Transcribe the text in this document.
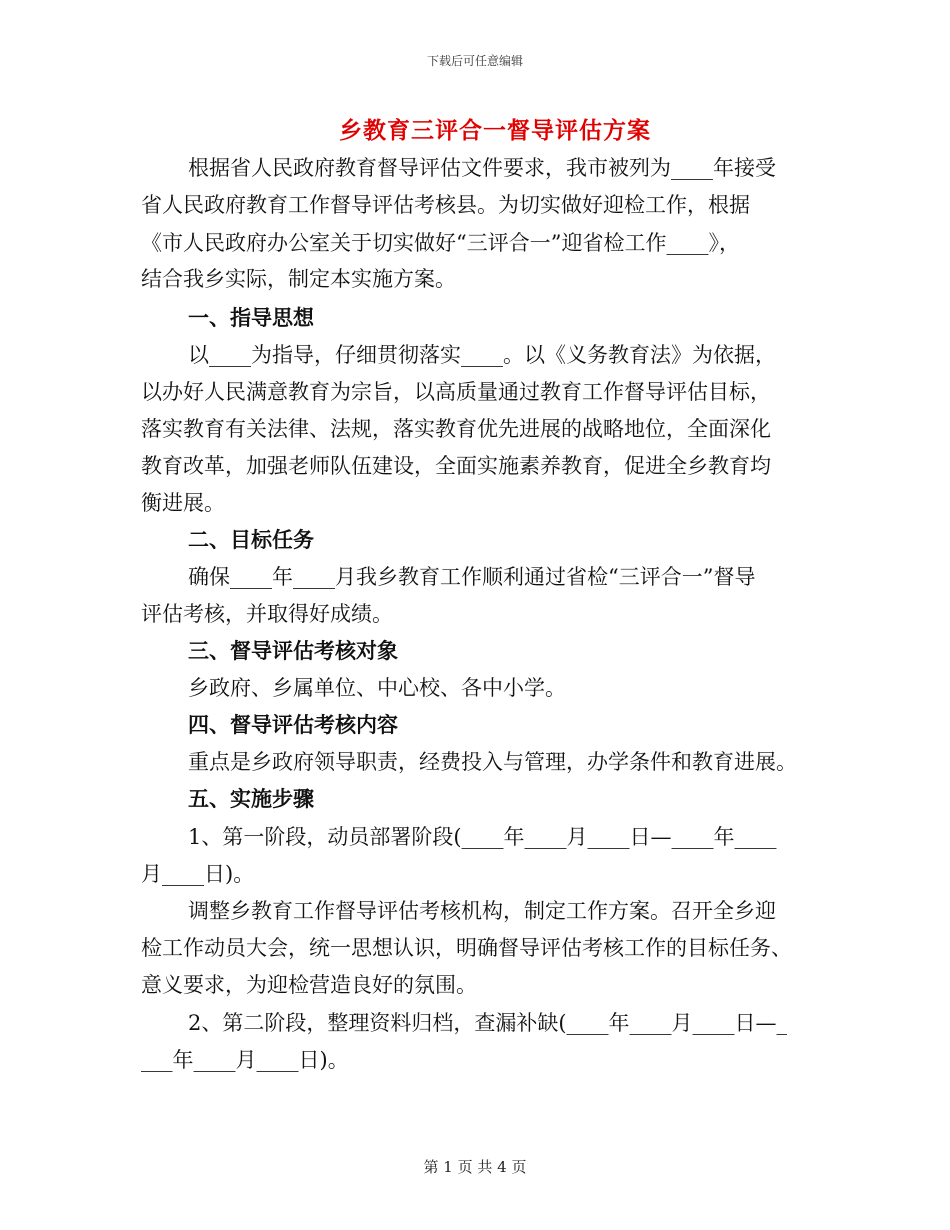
下载后可任意编辑
乡教育三评合一督导评估方案
根据省人民政府教育督导评估文件要求，我市被列为____年接受
省人民政府教育工作督导评估考核县。为切实做好迎检工作，根据
《市人民政府办公室关于切实做好“三评合一”迎省检工作____》，
结合我乡实际，制定本实施方案。
一、指导思想
以____为指导，仔细贯彻落实____。以《义务教育法》为依据，
以办好人民满意教育为宗旨，以高质量通过教育工作督导评估目标，
落实教育有关法律、法规，落实教育优先进展的战略地位，全面深化
教育改革，加强老师队伍建设，全面实施素养教育，促进全乡教育均
衡进展。
二、目标任务
确保____年____月我乡教育工作顺利通过省检“三评合一”督导
评估考核，并取得好成绩。
三、督导评估考核对象
乡政府、乡属单位、中心校、各中小学。
四、督导评估考核内容
重点是乡政府领导职责，经费投入与管理，办学条件和教育进展。
五、实施步骤
1、第一阶段，动员部署阶段(____年____月____日—____年____
月____日)。
调整乡教育工作督导评估考核机构，制定工作方案。召开全乡迎
检工作动员大会，统一思想认识，明确督导评估考核工作的目标任务、
意义要求，为迎检营造良好的氛围。
2、第二阶段，整理资料归档，查漏补缺(____年____月____日—_
___年____月____日)。
第 1 页 共 4 页
